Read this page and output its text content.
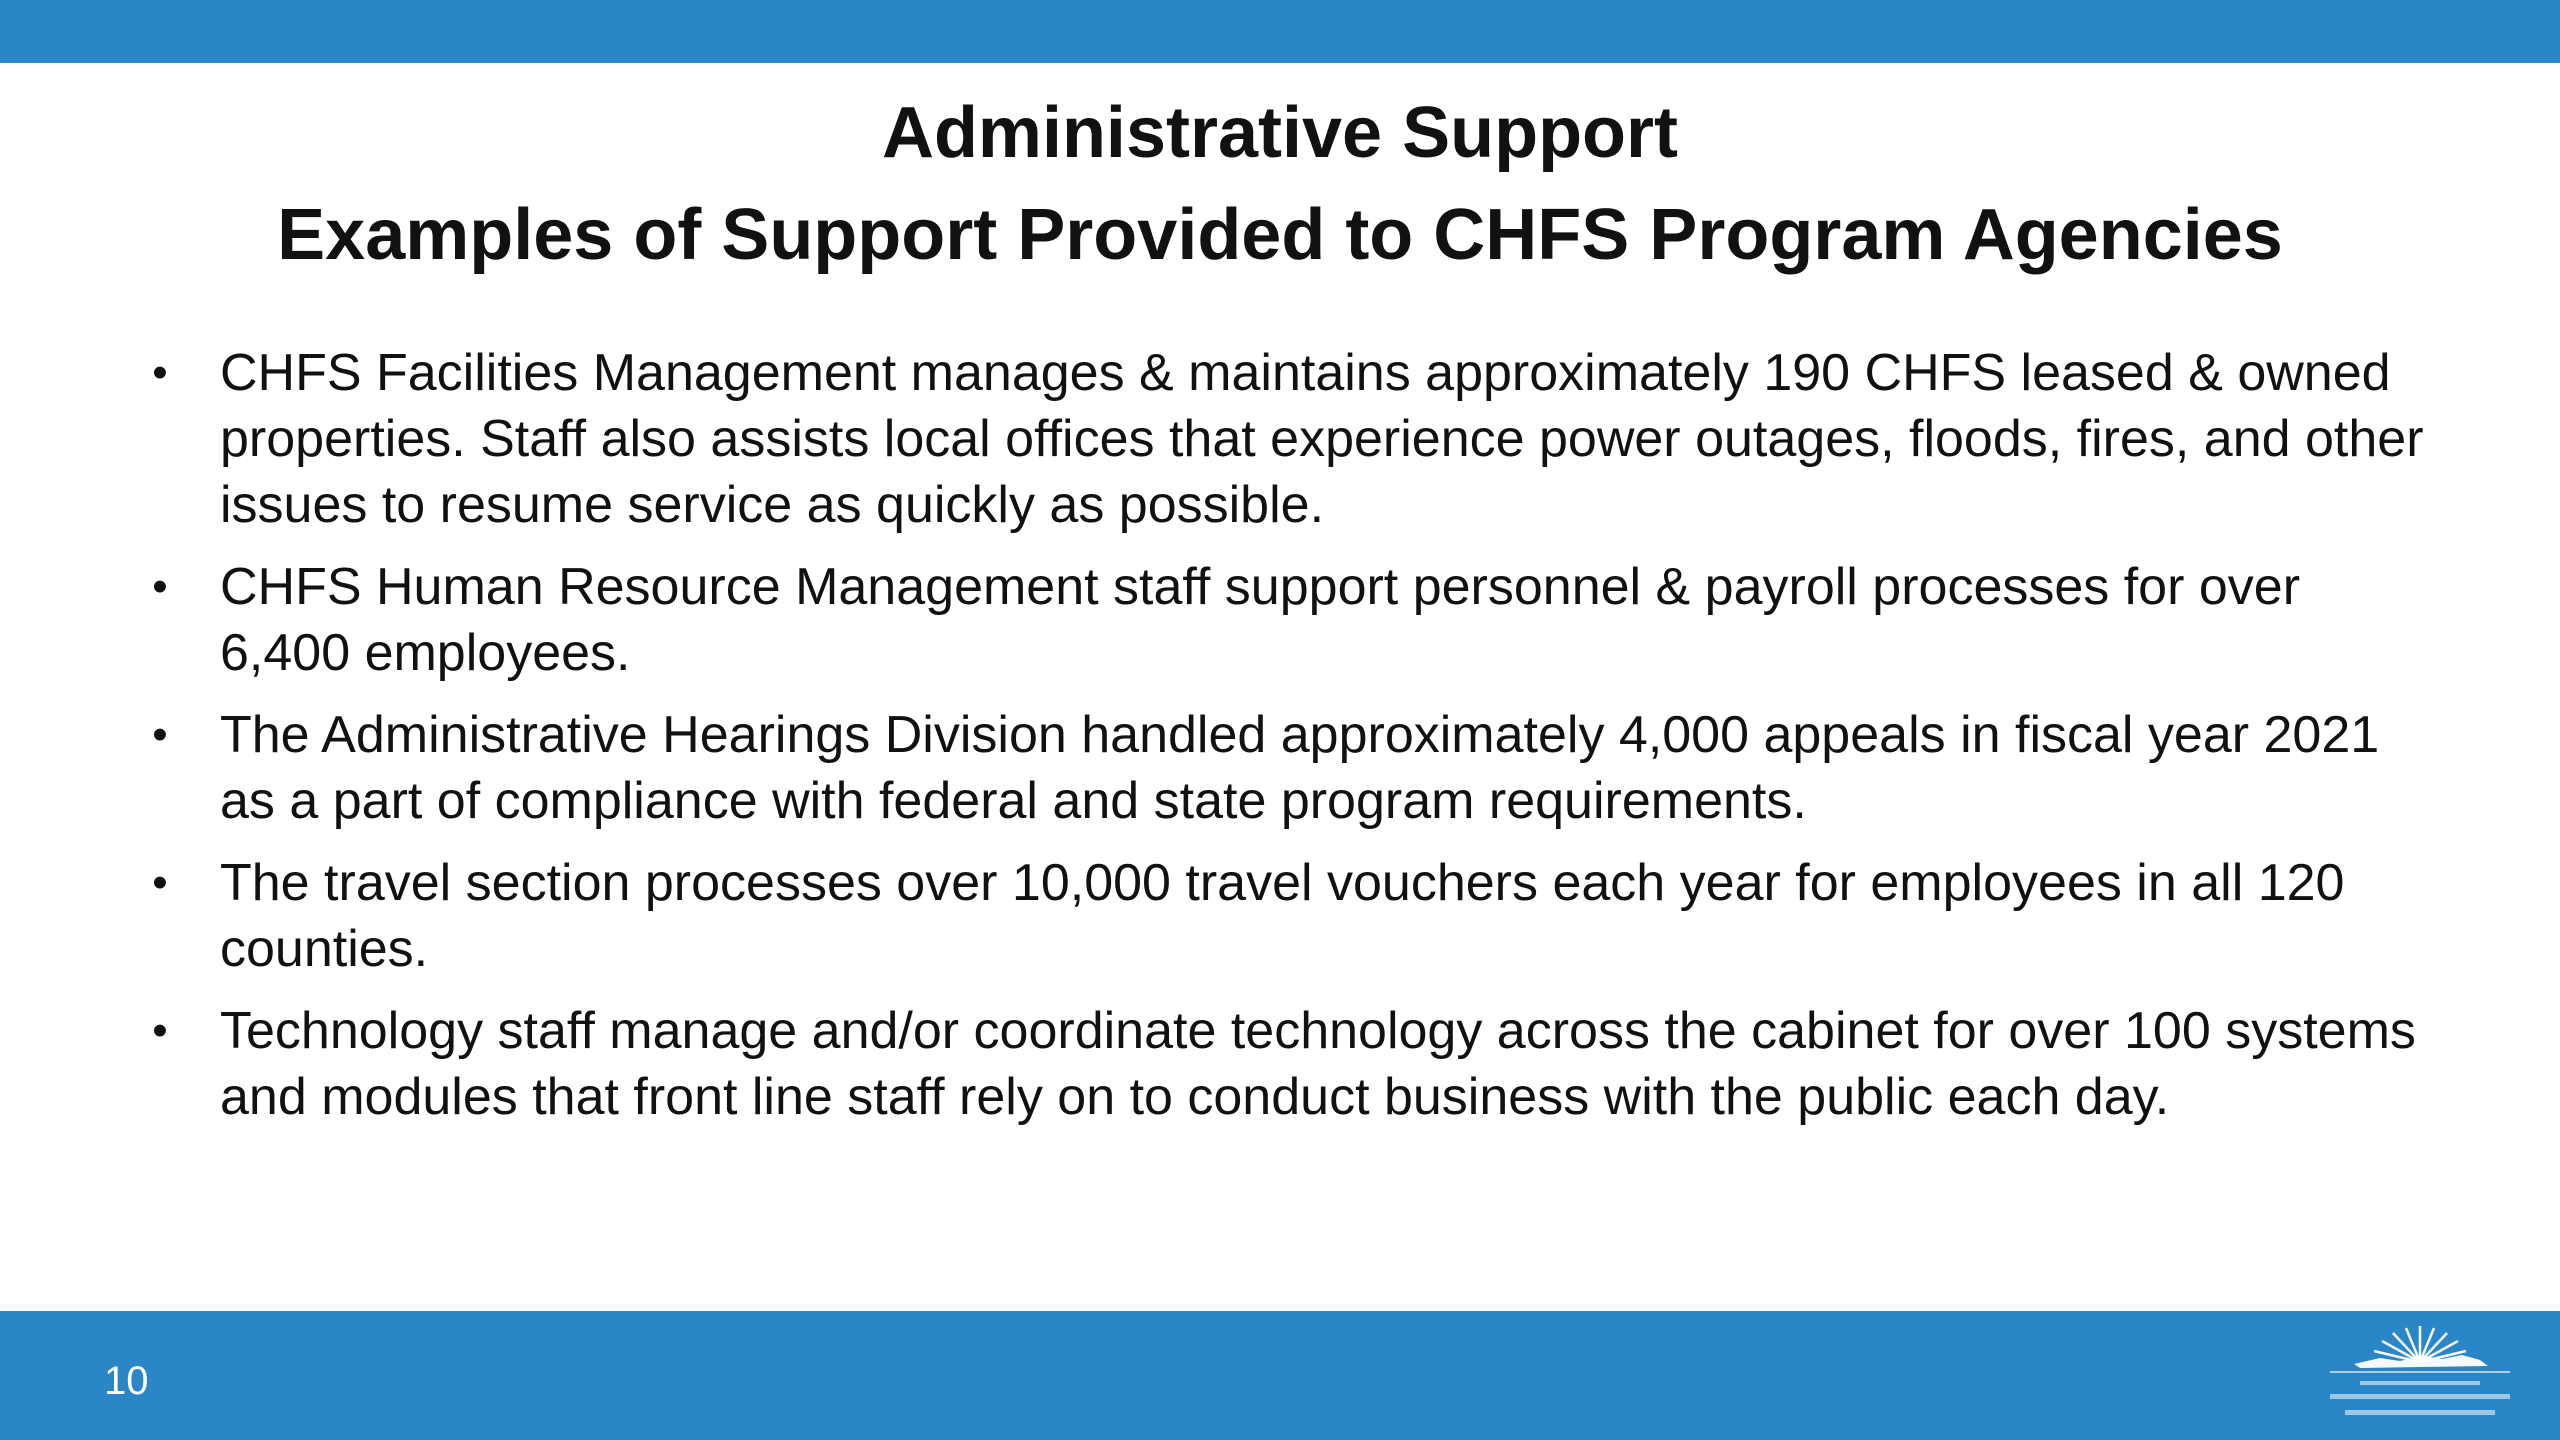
Administrative Support
Examples of Support Provided to CHFS Program Agencies
• CHFS Facilities Management manages & maintains approximately 190 CHFS leased & owned properties. Staff also assists local offices that experience power outages, floods, fires, and other issues to resume service as quickly as possible.
• CHFS Human Resource Management staff support personnel & payroll processes for over 6,400 employees.
• The Administrative Hearings Division handled approximately 4,000 appeals in fiscal year 2021 as a part of compliance with federal and state program requirements.
• The travel section processes over 10,000 travel vouchers each year for employees in all 120 counties.
• Technology staff manage and/or coordinate technology across the cabinet for over 100 systems and modules that front line staff rely on to conduct business with the public each day.
10
